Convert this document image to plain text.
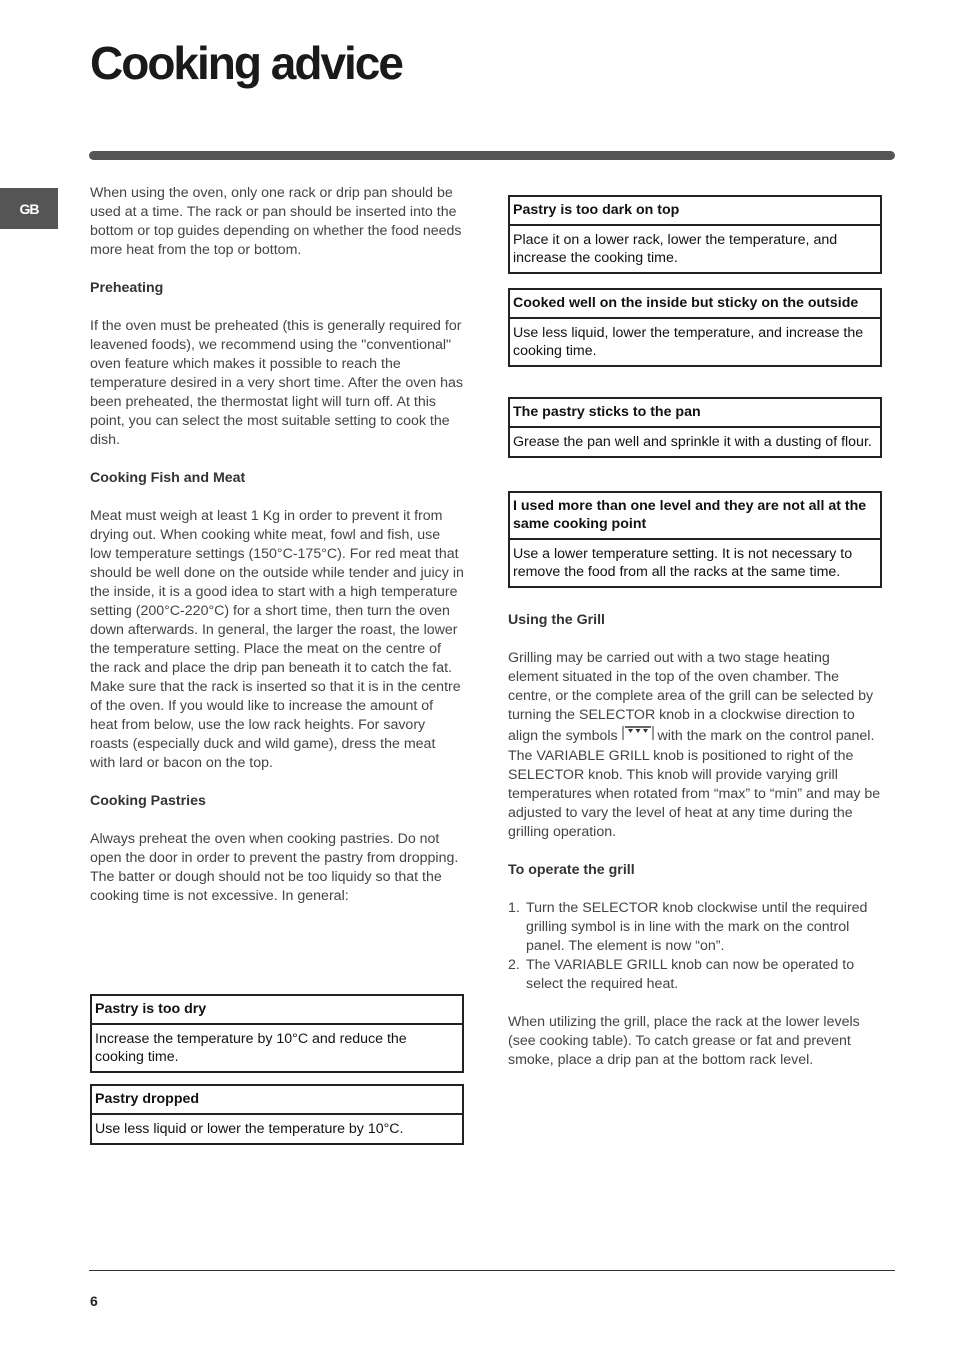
Cooking advice
GB

When using the oven, only one rack or drip pan should be used at a time. The rack or pan should be inserted into the bottom or top guides depending on whether the food needs more heat from the top or bottom.

Preheating

If the oven must be preheated (this is generally required for leavened foods), we recommend using the "conventional" oven feature which makes it possible to reach the temperature desired in a very short time. After the oven has been preheated, the thermostat light will turn off. At this point, you can select the most suitable setting to cook the dish.

Cooking Fish and Meat

Meat must weigh at least 1 Kg in order to prevent it from drying out. When cooking white meat, fowl and fish, use low temperature settings (150°C-175°C). For red meat that should be well done on the outside while tender and juicy in the inside, it is a good idea to start with a high temperature setting (200°C-220°C) for a short time, then turn the oven down afterwards. In general, the larger the roast, the lower the temperature setting. Place the meat on the centre of the rack and place the drip pan beneath it to catch the fat.

Make sure that the rack is inserted so that it is in the centre of the oven. If you would like to increase the amount of heat from below, use the low rack heights. For savory roasts (especially duck and wild game), dress the meat with lard or bacon on the top.

Cooking Pastries

Always preheat the oven when cooking pastries. Do not open the door in order to prevent the pastry from dropping.

The batter or dough should not be too liquidy so that the cooking time is not excessive. In general:

Pastry is too dry
Increase the temperature by 10°C and reduce the cooking time.
Pastry dropped
Use less liquid or lower the temperature by 10°C.
Pastry is too dark on top
Place it on a lower rack, lower the temperature, and increase the cooking time.
Cooked well on the inside but sticky on the outside
Use less liquid, lower the temperature, and increase the cooking time.
The pastry sticks to the pan
Grease the pan well and sprinkle it with a dusting of flour.
I used more than one level and they are not all at the same cooking point
Use a lower temperature setting. It is not necessary to remove the food from all the racks at the same time.
Using the Grill

Grilling may be carried out with a two stage heating element situated in the top of the oven chamber. The centre, or the complete area of the grill can be selected by turning the SELECTOR knob in a clockwise direction to align the symbols	with the mark on the control panel. The VARIABLE GRILL knob is positioned to right of the SELECTOR knob. This knob will provide varying grill temperatures when rotated from “max” to “min” and may be adjusted to vary the level of heat at any time during the grilling operation.

To operate the grill
1. Turn the SELECTOR knob clockwise until the required grilling symbol is in line with the mark on the control panel. The element is now “on”.
2. The VARIABLE GRILL knob can now be operated to select the required heat.

When utilizing the grill, place the rack at the lower levels (see cooking table). To catch grease or fat and prevent smoke, place a drip pan at the bottom rack level.

6
